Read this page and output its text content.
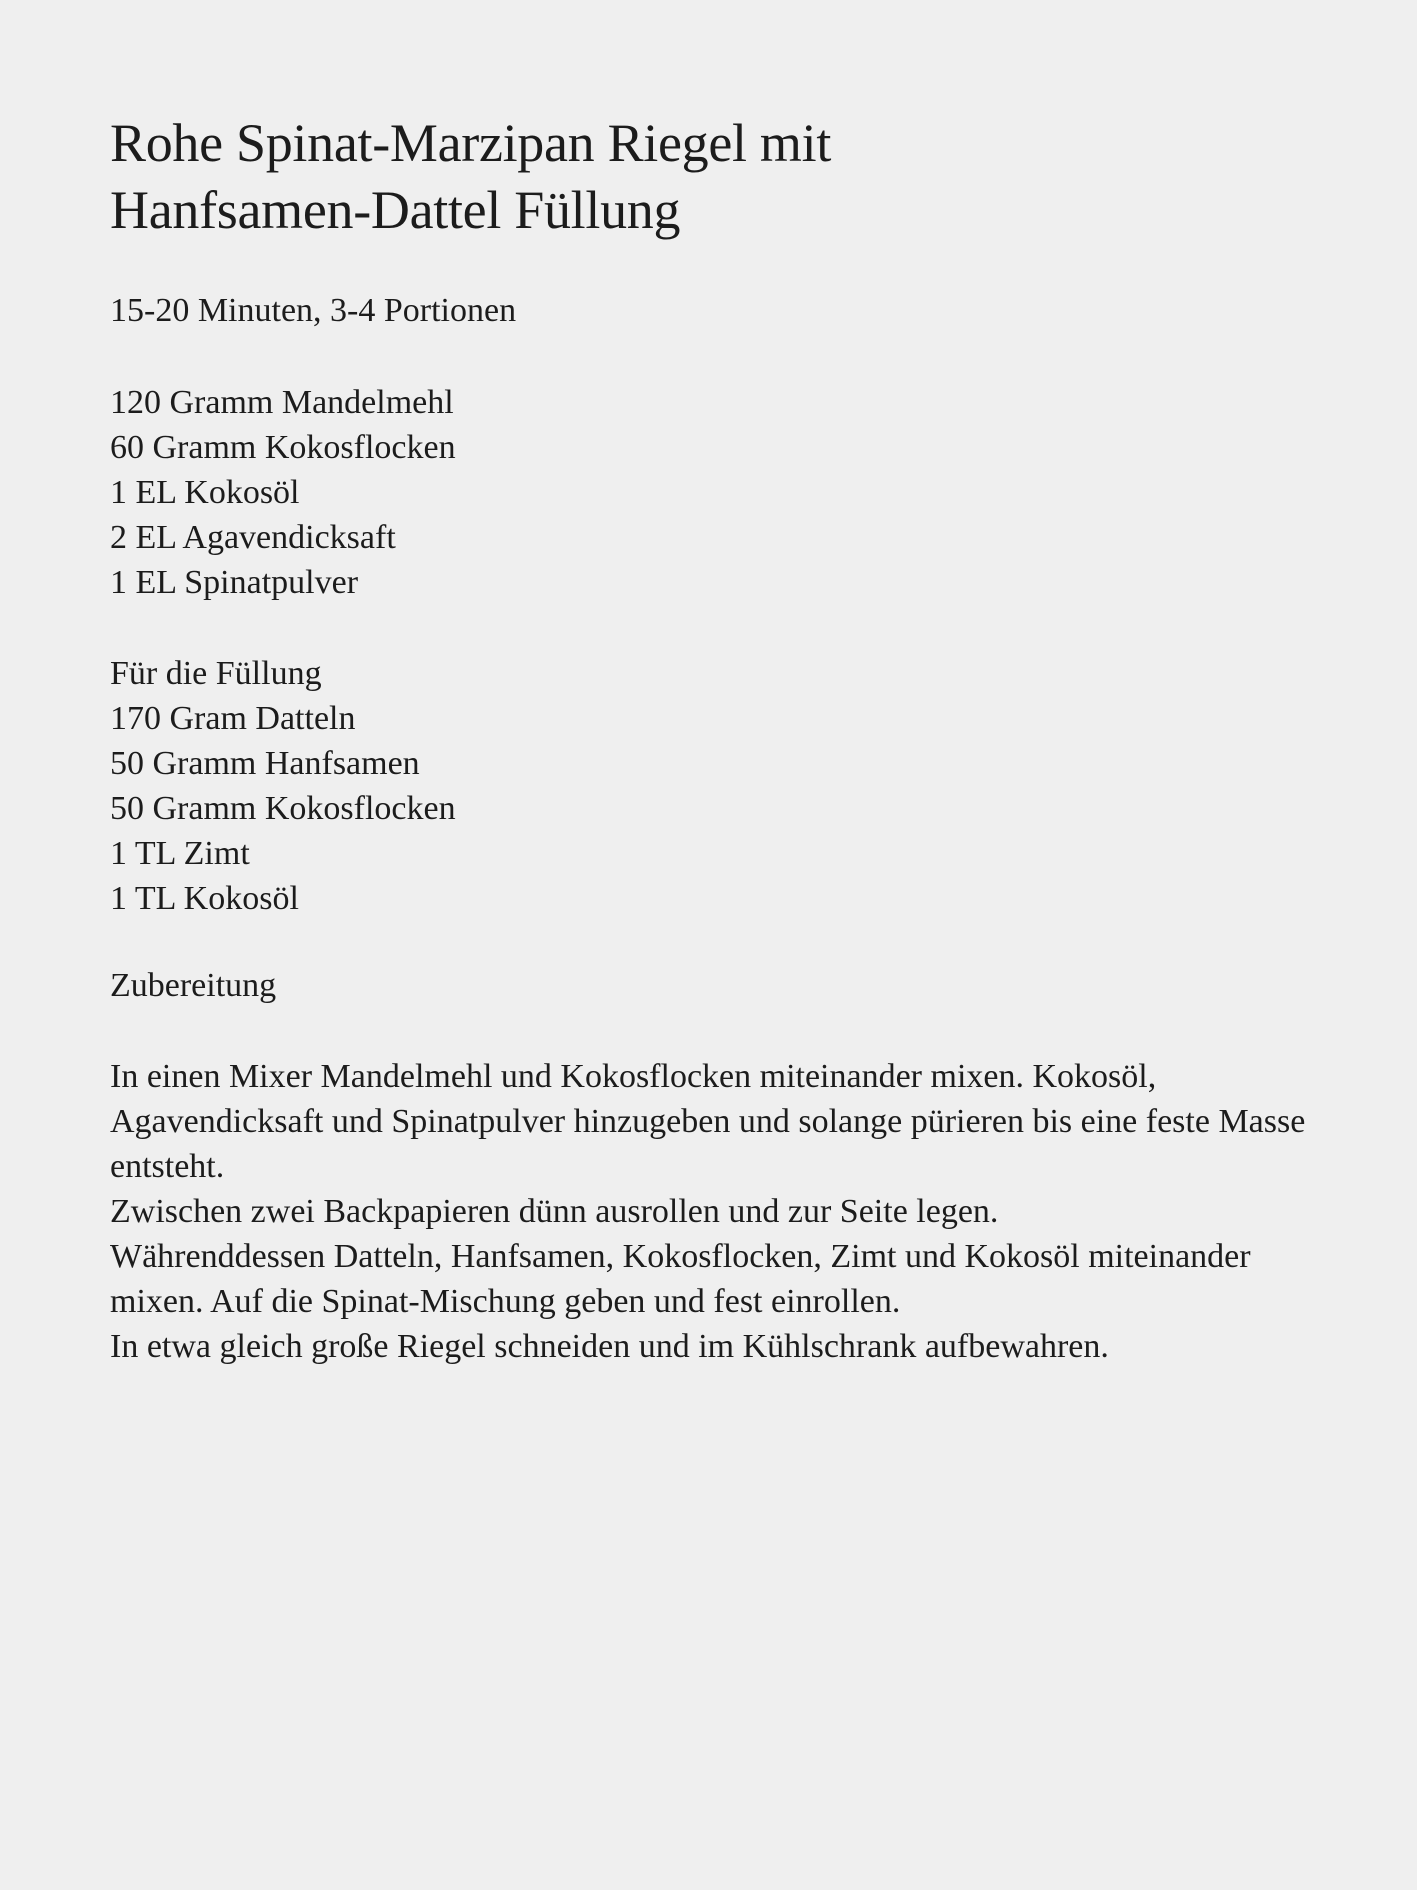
Rohe Spinat-Marzipan Riegel mit
Hanfsamen-Dattel Füllung
15-20 Minuten, 3-4 Portionen
120 Gramm Mandelmehl
60 Gramm Kokosflocken
1 EL Kokosöl
2 EL Agavendicksaft
1 EL Spinatpulver
Für die Füllung
170 Gram Datteln
50 Gramm Hanfsamen
50 Gramm Kokosflocken
1 TL Zimt
1 TL Kokosöl
Zubereitung

In einen Mixer Mandelmehl und Kokosflocken miteinander mixen. Kokosöl, Agavendicksaft und Spinatpulver hinzugeben und solange pürieren bis eine feste Masse entsteht.

Zwischen zwei Backpapieren dünn ausrollen und zur Seite legen.

Währenddessen Datteln, Hanfsamen, Kokosflocken, Zimt und Kokosöl miteinander mixen. Auf die Spinat-Mischung geben und fest einrollen.

In etwa gleich große Riegel schneiden und im Kühlschrank aufbewahren.
